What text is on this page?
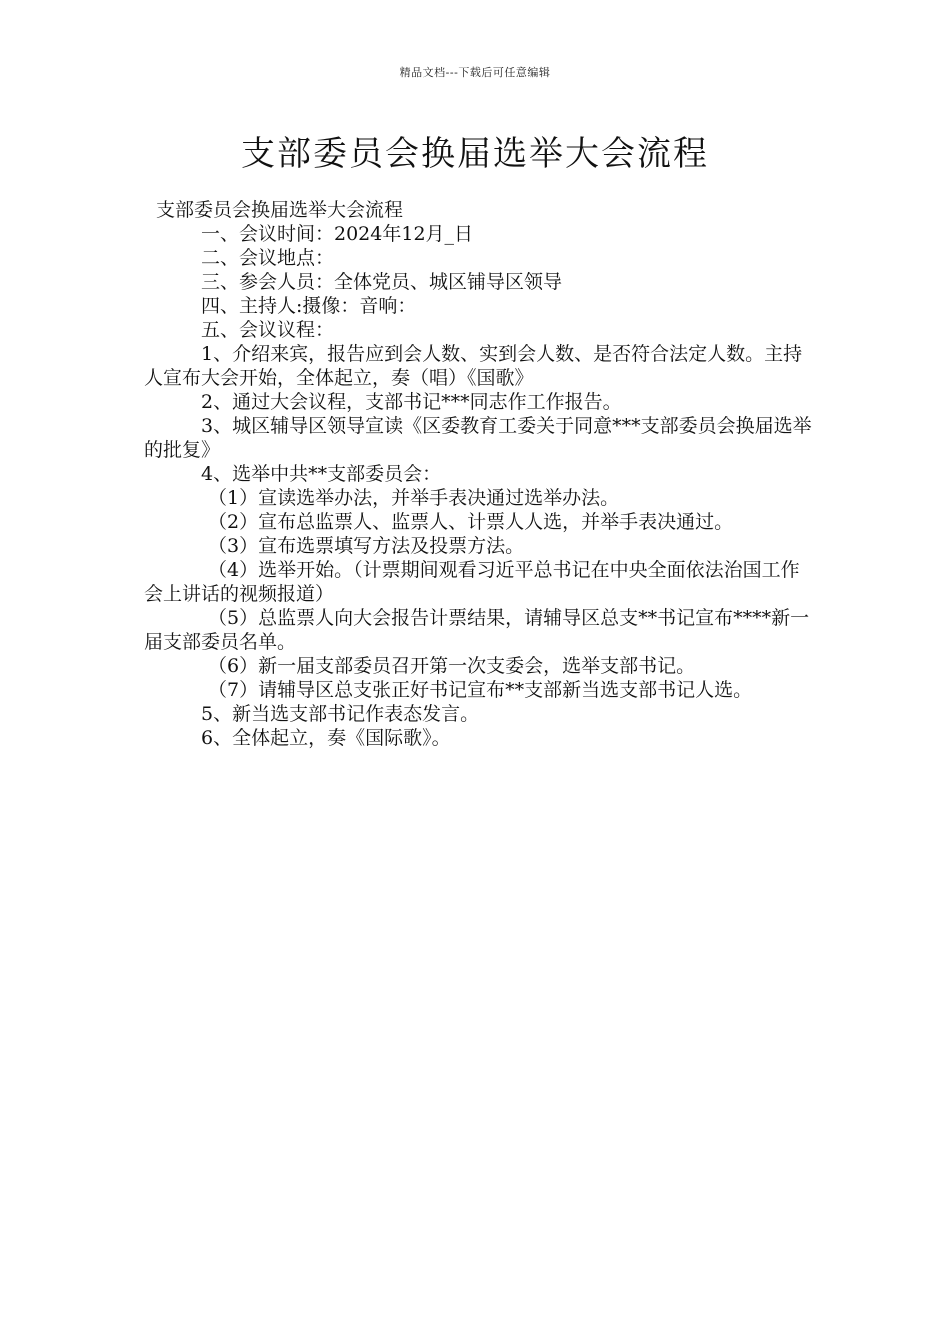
精品文档---下载后可任意编辑
支部委员会换届选举大会流程

支部委员会换届选举大会流程

一、会议时间：2024年12月_日

二、会议地点：

三、参会人员：全体党员、城区铺导区领导

四、主持人:摄像：音响：

五、会议议程：

1、介绍来宾，报告应到会人数、实到会人数、是否符合法定人数。主持人宣布大会开始，全体起立，奏（唱）《国歌》

2、通过大会议程，支部书记***同志作工作报告。

3、城区辅导区领导宣读《区委教育工委关于同意***支部委员会换届选举的批复》

4、选举中共**支部委员会：

（1）宣读选举办法，并举手表决通过选举办法。

（2）宣布总监票人、监票人、计票人人选，并举手表决通过。

（3）宣布选票填写方法及投票方法。

（4）选举开始。（计票期间观看习近平总书记在中央全面依法治国工作会上讲话的视频报道）

（5）总监票人向大会报告计票结果，请辅导区总支**书记宣布****新一届支部委员名单。

（6）新一届支部委员召开第一次支委会，选举支部书记。

（7）请辅导区总支张正好书记宣布**支部新当选支部书记人选。

5、新当选支部书记作表态发言。

6、全体起立，奏《国际歌》。
